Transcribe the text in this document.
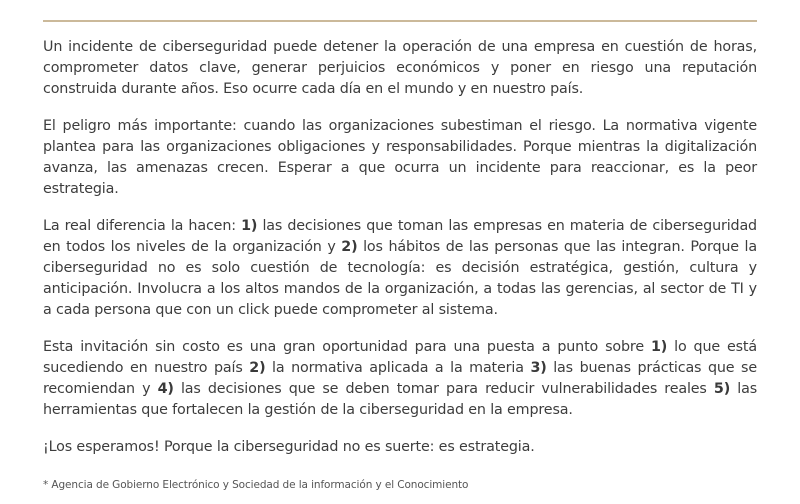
Un incidente de ciberseguridad puede detener la operación de una empresa en cuestión de horas, comprometer datos clave, generar perjuicios económicos y poner en riesgo una reputación construida durante años. Eso ocurre cada día en el mundo y en nuestro país.

El peligro más importante: cuando las organizaciones subestiman el riesgo. La normativa vigente plantea para las organizaciones obligaciones y responsabilidades. Porque mientras la digitalización avanza, las amenazas crecen. Esperar a que ocurra un incidente para reaccionar, es la peor estrategia.

La real diferencia la hacen: 1) las decisiones que toman las empresas en materia de ciberseguridad en todos los niveles de la organización y 2) los hábitos de las personas que las integran. Porque la ciberseguridad no es solo cuestión de tecnología: es decisión estratégica, gestión, cultura y anticipación. Involucra a los altos mandos de la organización, a todas las gerencias, al sector de TI y a cada persona que con un click puede comprometer al sistema.

Esta invitación sin costo es una gran oportunidad para una puesta a punto sobre 1) lo que está sucediendo en nuestro país 2) la normativa aplicada a la materia 3) las buenas prácticas que se recomiendan y 4) las decisiones que se deben tomar para reducir vulnerabilidades reales 5) las herramientas que fortalecen la gestión de la ciberseguridad en la empresa.

¡Los esperamos! Porque la ciberseguridad no es suerte: es estrategia.

* Agencia de Gobierno Electrónico y Sociedad de la información y el Conocimiento
